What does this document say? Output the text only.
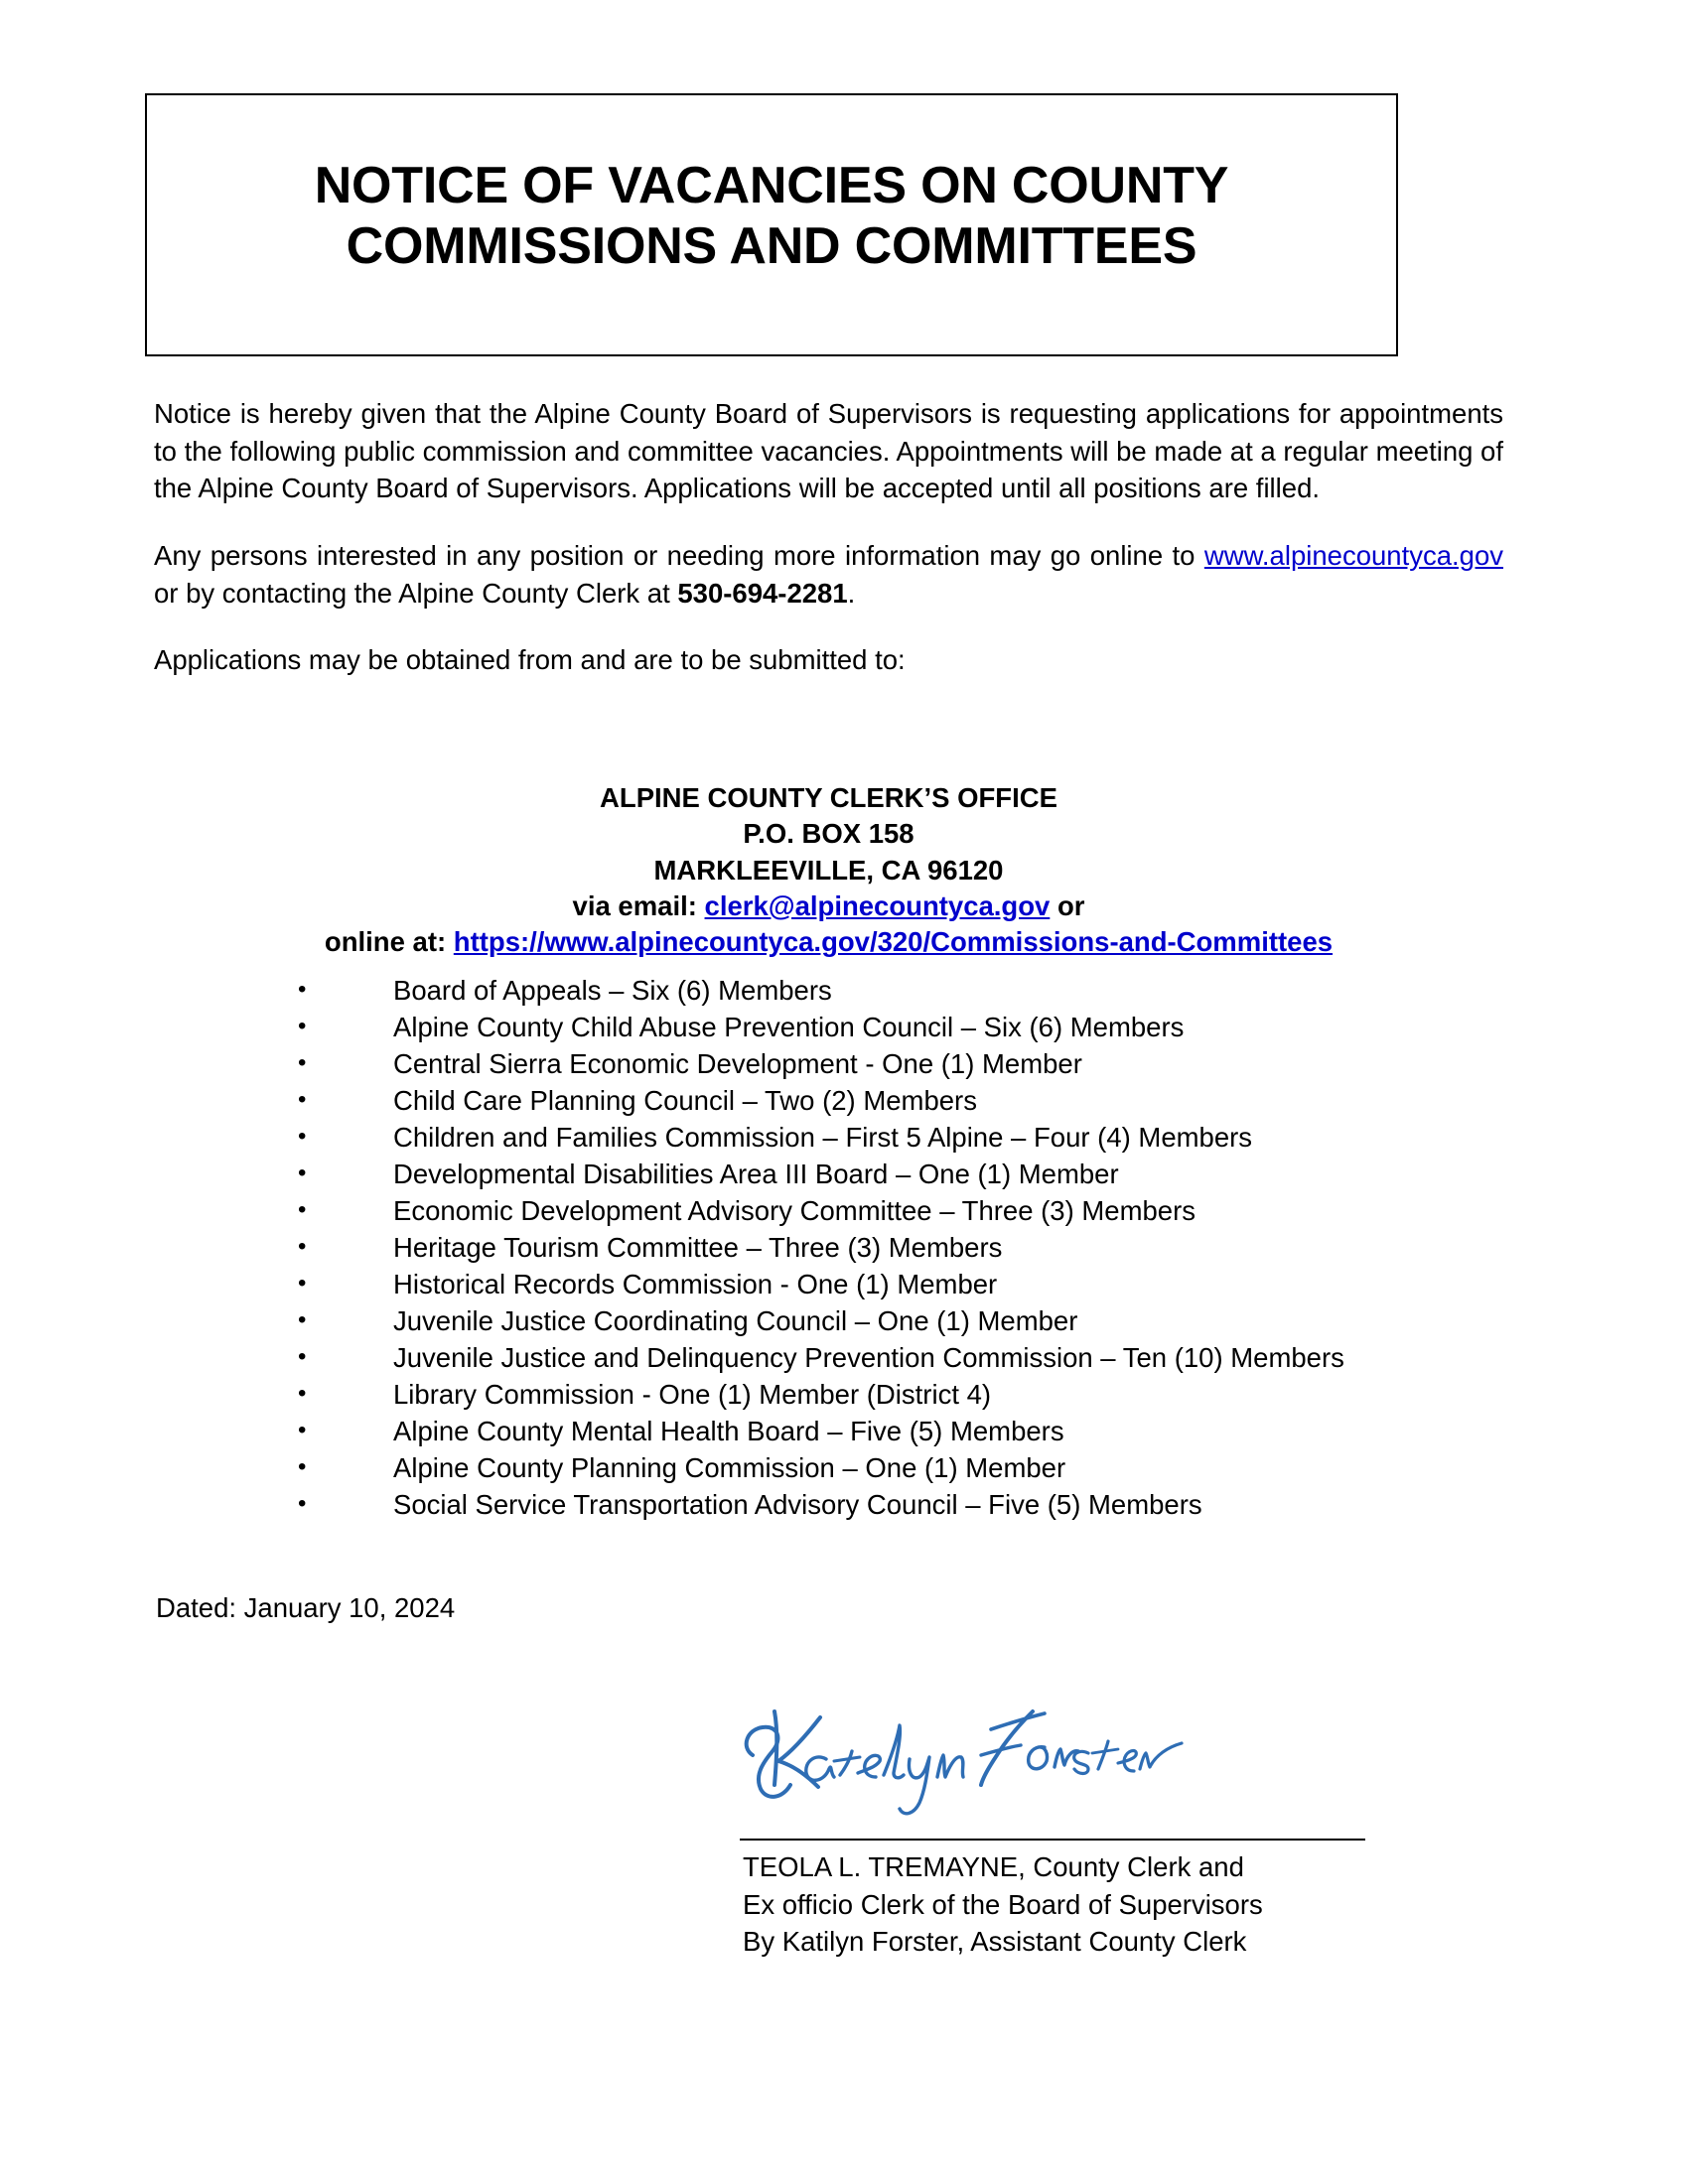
NOTICE OF VACANCIES ON COUNTY
COMMISSIONS AND COMMITTEES

Notice is hereby given that the Alpine County Board of Supervisors is requesting applications for appointments to the following public commission and committee vacancies. Appointments will be made at a regular meeting of the Alpine County Board of Supervisors. Applications will be accepted until all positions are filled.

Any persons interested in any position or needing more information may go online to www.alpinecountyca.gov or by contacting the Alpine County Clerk at 530-694-2281.

Applications may be obtained from and are to be submitted to:

ALPINE COUNTY CLERK’S OFFICE
P.O. BOX 158
MARKLEEVILLE, CA 96120
via email: clerk@alpinecountyca.gov or
online at: https://www.alpinecountyca.gov/320/Commissions-and-Committees
•	Board of Appeals – Six (6) Members
•	Alpine County Child Abuse Prevention Council – Six (6) Members
•	Central Sierra Economic Development - One (1) Member
•	Child Care Planning Council – Two (2) Members
•	Children and Families Commission – First 5 Alpine – Four (4) Members
•	Developmental Disabilities Area III Board – One (1) Member
•	Economic Development Advisory Committee – Three (3) Members
•	Heritage Tourism Committee – Three (3) Members
•	Historical Records Commission - One (1) Member
•	Juvenile Justice Coordinating Council – One (1) Member
•	Juvenile Justice and Delinquency Prevention Commission – Ten (10) Members
•	Library Commission - One (1) Member (District 4)
•	Alpine County Mental Health Board – Five (5) Members
•	Alpine County Planning Commission – One (1) Member
•	Social Service Transportation Advisory Council – Five (5) Members
Dated: January 10, 2024
TEOLA L. TREMAYNE, County Clerk and
Ex officio Clerk of the Board of Supervisors
By Katilyn Forster, Assistant County Clerk
